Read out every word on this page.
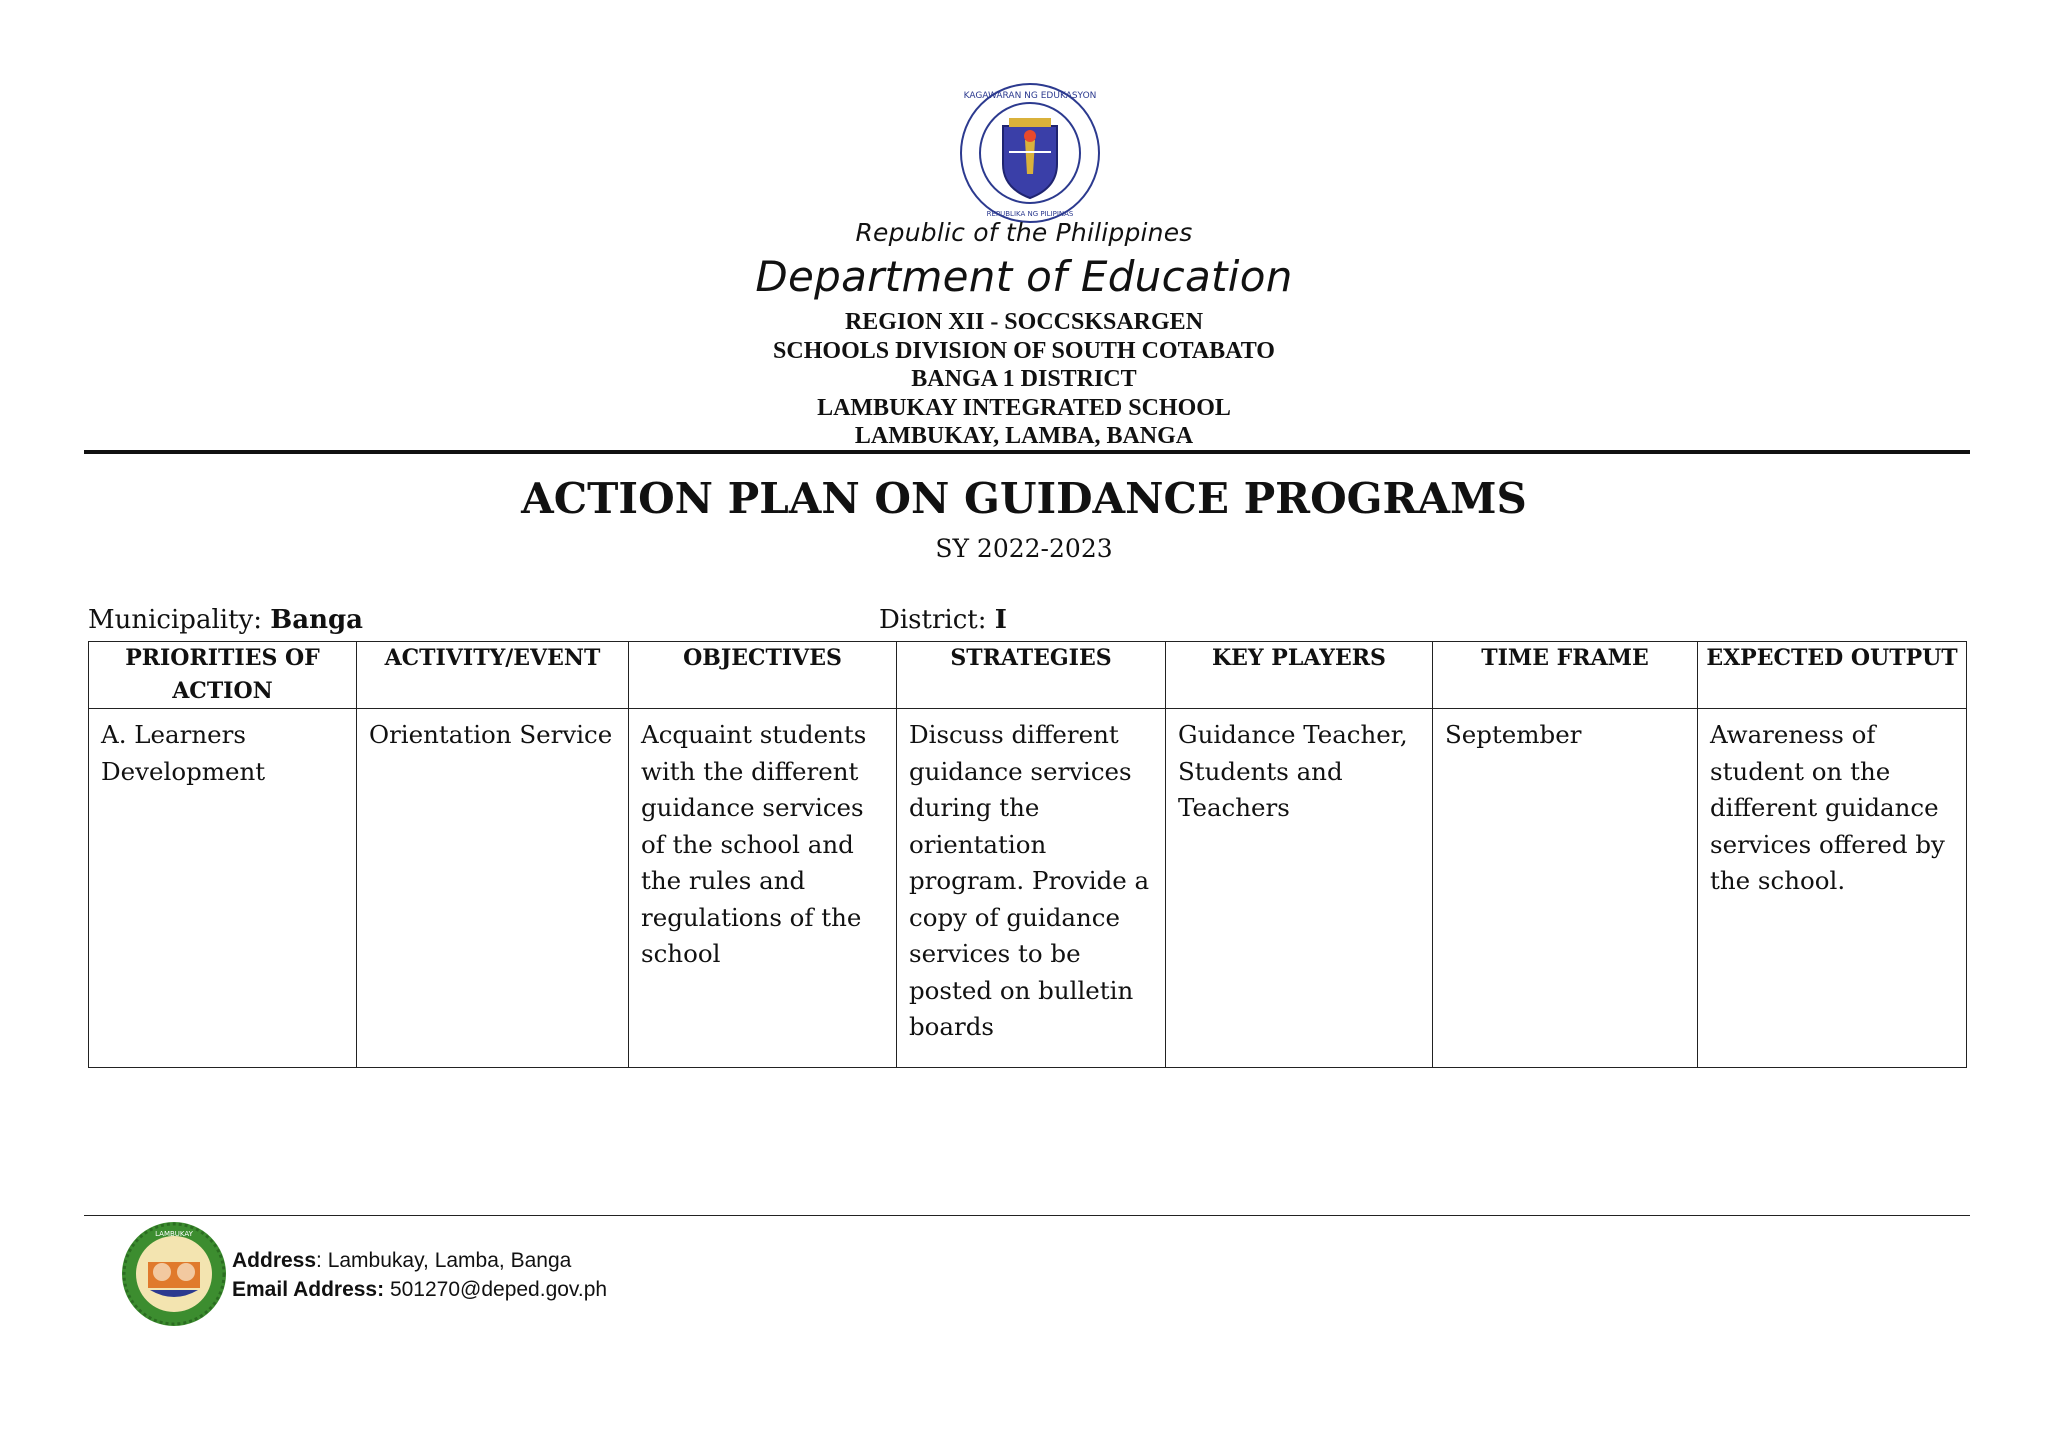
KAGAWARAN NG EDUKASYON
REPUBLIKA NG PILIPINAS
Republic of the Philippines
Department of Education
REGION XII - SOCCSKSARGEN
SCHOOLS DIVISION OF SOUTH COTABATO
BANGA 1 DISTRICT
LAMBUKAY INTEGRATED SCHOOL
LAMBUKAY, LAMBA, BANGA
ACTION PLAN ON GUIDANCE PROGRAMS
SY 2022-2023
Municipality: Banga	District: I
PRIORITIES OF ACTION	ACTIVITY/EVENT	OBJECTIVES	STRATEGIES	KEY PLAYERS	TIME FRAME	EXPECTED OUTPUT
A. Learners Development	Orientation Service	Acquaint students with the different guidance services of the school and the rules and regulations of the school	Discuss different guidance services during the orientation program. Provide a copy of guidance services to be posted on bulletin boards	Guidance Teacher, Students and Teachers	September	Awareness of student on the different guidance services offered by the school.
LAMBUKAY
Address: Lambukay, Lamba, Banga
Email Address: 501270@deped.gov.ph
